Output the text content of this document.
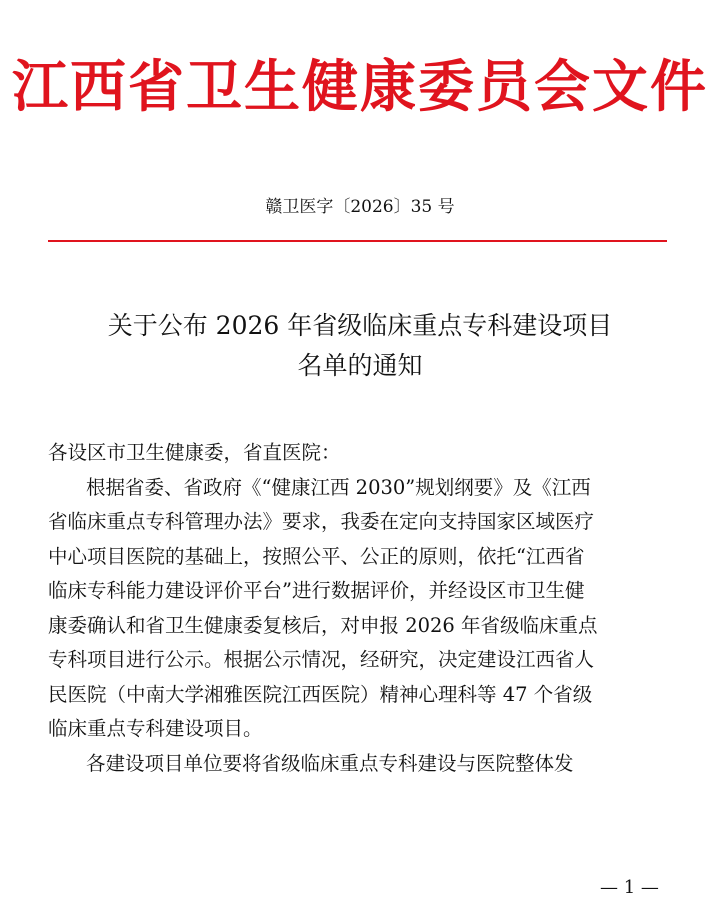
江西省卫生健康委员会文件
赣卫医字〔2026〕35 号
关于公布 2026 年省级临床重点专科建设项目
名单的通知
各设区市卫生健康委，省直医院：
根据省委、省政府《“健康江西 2030”规划纲要》及《江西
省临床重点专科管理办法》要求，我委在定向支持国家区域医疗
中心项目医院的基础上，按照公平、公正的原则，依托“江西省
临床专科能力建设评价平台”进行数据评价，并经设区市卫生健
康委确认和省卫生健康委复核后，对申报 2026 年省级临床重点
专科项目进行公示。根据公示情况，经研究，决定建设江西省人
民医院（中南大学湘雅医院江西医院）精神心理科等 47 个省级
临床重点专科建设项目。
各建设项目单位要将省级临床重点专科建设与医院整体发
— 1 —
